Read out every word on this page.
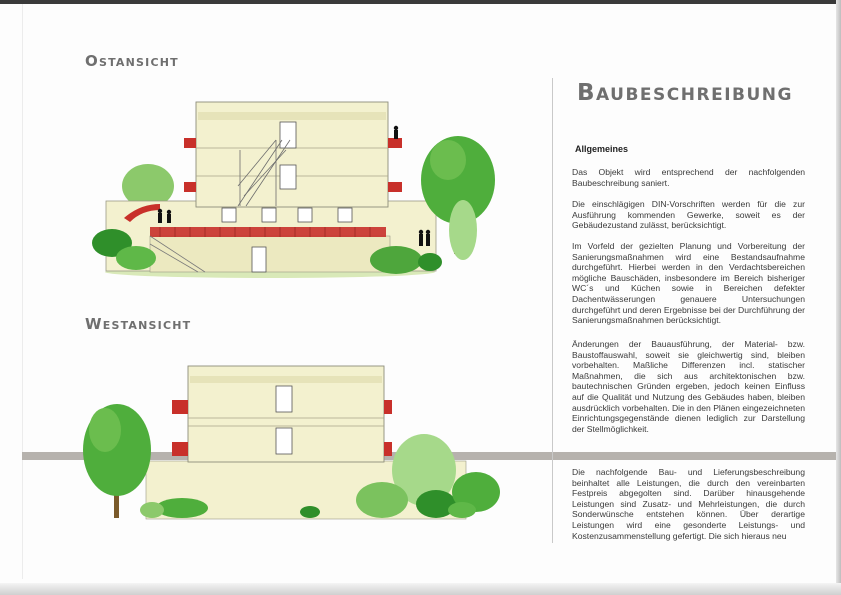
OSTANSICHT
WESTANSICHT
BAUBESCHREIBUNG
Allgemeines
Das Objekt wird entsprechend der nachfolgenden Baubeschreibung saniert.
Die einschlägigen DIN-Vorschriften werden für die zur Ausführung kommenden Gewerke, soweit es der Gebäudezustand zulässt, berücksichtigt.
Im Vorfeld der gezielten Planung und Vorbereitung der Sanierungsmaßnahmen wird eine Bestandsaufnahme durchgeführt. Hierbei werden in den Verdachtsbereichen mögliche Bauschäden, insbesondere im Bereich bisheriger WC´s und Küchen sowie in Bereichen defekter Dachentwässerungen genauere Untersuchungen durchgeführt und deren Ergebnisse bei der Durchführung der Sanierungsmaßnahmen berücksichtigt.
Änderungen der Bauausführung, der Material- bzw. Baustoffauswahl, soweit sie gleichwertig sind, bleiben vorbehalten. Maßliche Differenzen incl. statischer Maßnahmen, die sich aus architektonischen bzw. bautechnischen Gründen ergeben, jedoch keinen Einfluss auf die Qualität und Nutzung des Gebäudes haben, bleiben ausdrücklich vorbehalten. Die in den Plänen eingezeichneten Einrichtungsgegenstände dienen lediglich zur Darstellung der Stellmöglichkeit.
Die nachfolgende Bau- und Lieferungsbeschreibung beinhaltet alle Leistungen, die durch den vereinbarten Festpreis abgegolten sind. Darüber hinausgehende Leistungen sind Zusatz- und Mehrleistungen, die durch Sonderwünsche entstehen können. Über derartige Leistungen wird eine gesonderte Leistungs- und Kostenzusammenstellung gefertigt. Die sich hieraus neu
